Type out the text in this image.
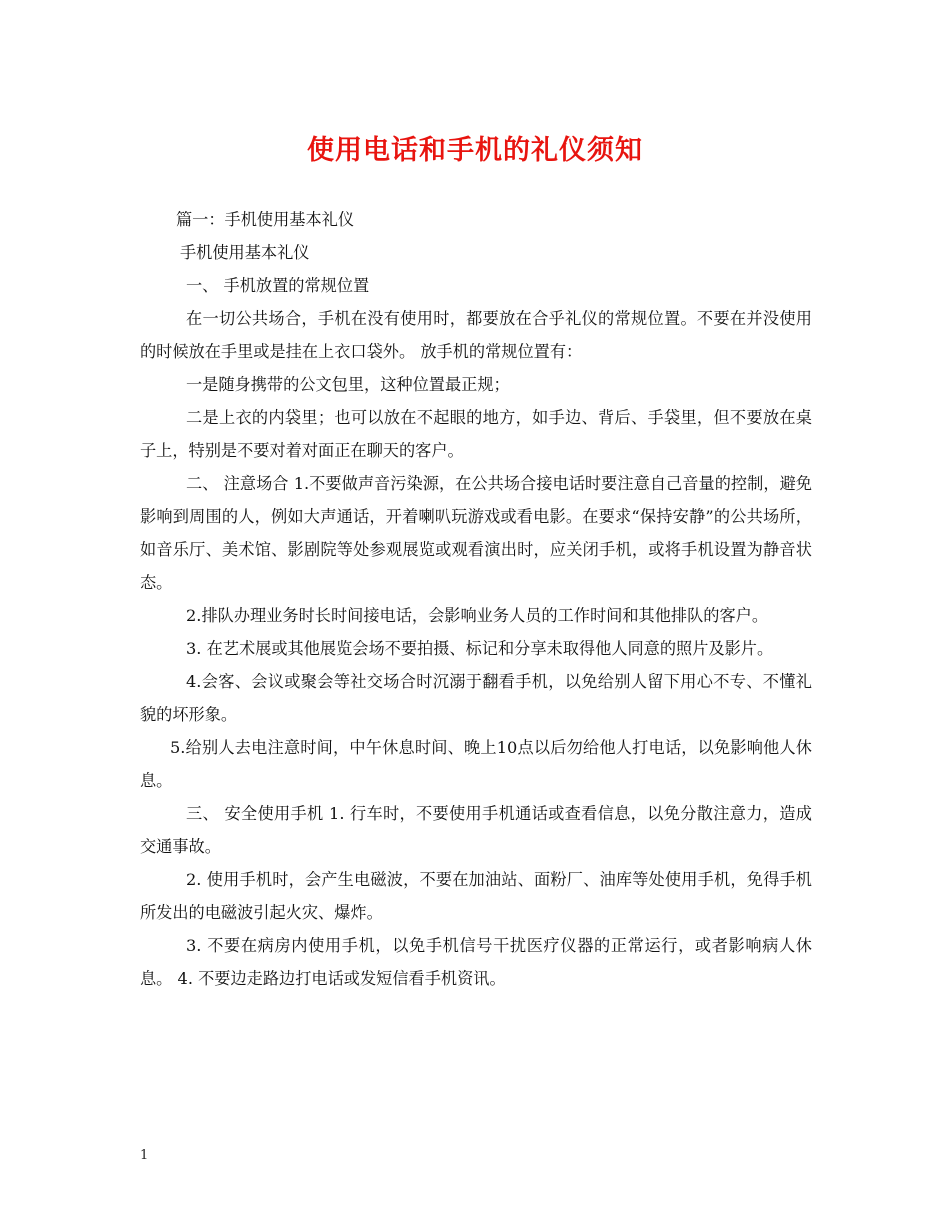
使用电话和手机的礼仪须知

篇一：手机使用基本礼仪

手机使用基本礼仪

一、 手机放置的常规位置

在一切公共场合，手机在没有使用时，都要放在合乎礼仪的常规位置。不要在并没使用的时候放在手里或是挂在上衣口袋外。 放手机的常规位置有：

一是随身携带的公文包里，这种位置最正规；

二是上衣的内袋里；也可以放在不起眼的地方，如手边、背后、手袋里，但不要放在桌子上，特别是不要对着对面正在聊天的客户。

二、 注意场合 1.不要做声音污染源，在公共场合接电话时要注意自己音量的控制，避免影响到周围的人，例如大声通话，开着喇叭玩游戏或看电影。在要求“保持安静”的公共场所，如音乐厅、美术馆、影剧院等处参观展览或观看演出时，应关闭手机，或将手机设置为静音状态。

2.排队办理业务时长时间接电话，会影响业务人员的工作时间和其他排队的客户。

3. 在艺术展或其他展览会场不要拍摄、标记和分享未取得他人同意的照片及影片。

4.会客、会议或聚会等社交场合时沉溺于翻看手机，以免给别人留下用心不专、不懂礼貌的坏形象。

5.给别人去电注意时间，中午休息时间、晚上10点以后勿给他人打电话，以免影响他人休息。

三、 安全使用手机 1. 行车时，不要使用手机通话或查看信息，以免分散注意力，造成交通事故。

2. 使用手机时，会产生电磁波，不要在加油站、面粉厂、油库等处使用手机，免得手机所发出的电磁波引起火灾、爆炸。

3. 不要在病房内使用手机，以免手机信号干扰医疗仪器的正常运行，或者影响病人休息。 4. 不要边走路边打电话或发短信看手机资讯。

1
